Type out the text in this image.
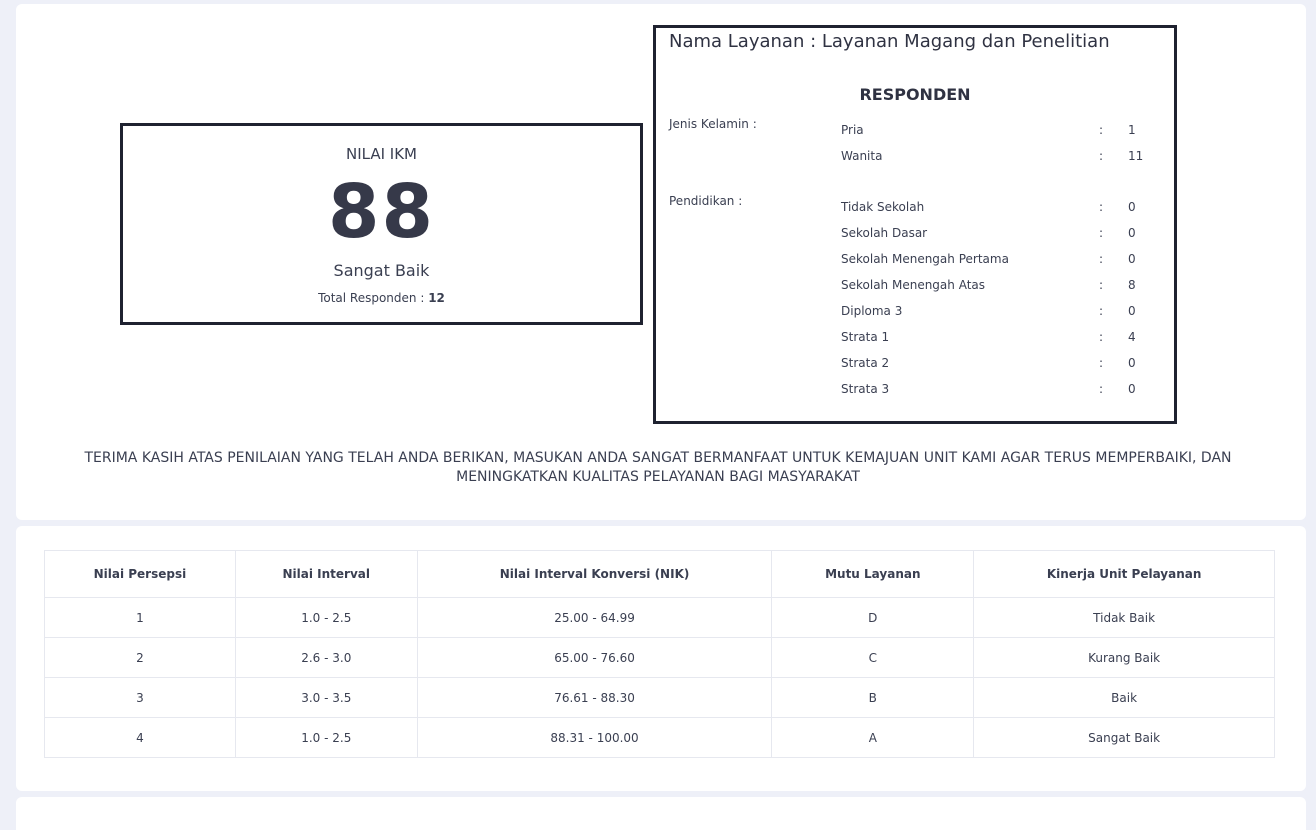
NILAI IKM
88
Sangat Baik
Total Responden : 12
Nama Layanan : Layanan Magang dan Penelitian
RESPONDEN
Jenis Kelamin :	Pria	: 1
Wanita	: 11
Pendidikan :	Tidak Sekolah	: 0
Sekolah Dasar	: 0
Sekolah Menengah Pertama	: 0
Sekolah Menengah Atas	: 8
Diploma 3	: 0
Strata 1	: 4
Strata 2	: 0
Strata 3	: 0
TERIMA KASIH ATAS PENILAIAN YANG TELAH ANDA BERIKAN, MASUKAN ANDA SANGAT BERMANFAAT UNTUK KEMAJUAN UNIT KAMI AGAR TERUS MEMPERBAIKI, DAN MENINGKATKAN KUALITAS PELAYANAN BAGI MASYARAKAT
Nilai Persepsi	Nilai Interval	Nilai Interval Konversi (NIK)	Mutu Layanan	Kinerja Unit Pelayanan
1	1.0 - 2.5	25.00 - 64.99	D	Tidak Baik
2	2.6 - 3.0	65.00 - 76.60	C	Kurang Baik
3	3.0 - 3.5	76.61 - 88.30	B	Baik
4	1.0 - 2.5	88.31 - 100.00	A	Sangat Baik
